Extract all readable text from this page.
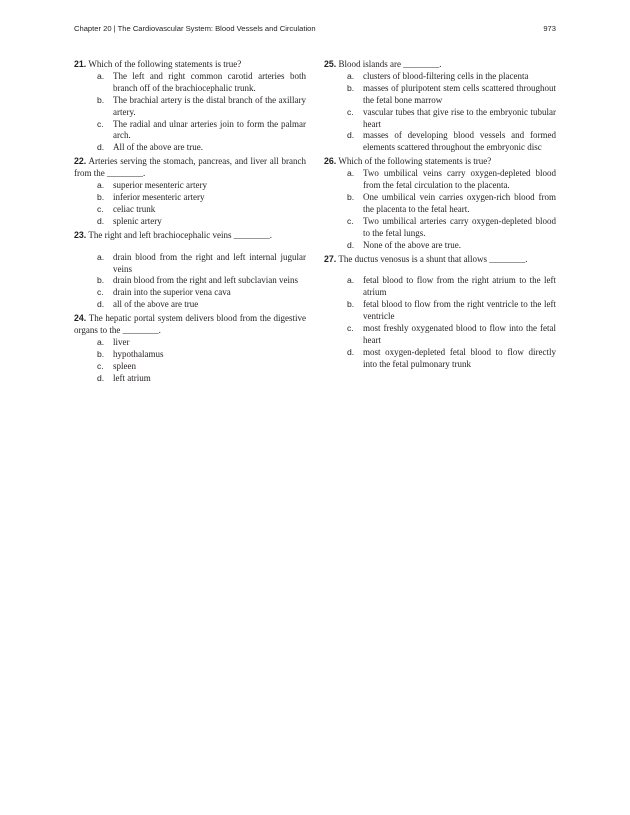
Chapter 20 | The Cardiovascular System: Blood Vessels and Circulation	973
21. Which of the following statements is true?
a. The left and right common carotid arteries both branch off of the brachiocephalic trunk.
b. The brachial artery is the distal branch of the axillary artery.
c.	The radial and ulnar arteries join to form the palmar arch.
d. All of the above are true.
22. Arteries serving the stomach, pancreas, and liver all branch from the ________.
a. superior mesenteric artery
b. inferior mesenteric artery
c.	celiac trunk
d. splenic artery
23. The right and left brachiocephalic veins ________.
a. drain blood from the right and left internal jugular veins
b. drain blood from the right and left subclavian veins
c.	drain into the superior vena cava
d. all of the above are true
24. The hepatic portal system delivers blood from the digestive organs to the ________.
a. liver
b. hypothalamus
c.	spleen
d. left atrium
25. Blood islands are ________.
a. clusters of blood-filtering cells in the placenta
b. masses of pluripotent stem cells scattered throughout the fetal bone marrow
c.	vascular tubes that give rise to the embryonic tubular heart
d. masses of developing blood vessels and formed elements scattered throughout the embryonic disc
26. Which of the following statements is true?
a. Two umbilical veins carry oxygen-depleted blood from the fetal circulation to the placenta.
b. One umbilical vein carries oxygen-rich blood from the placenta to the fetal heart.
c.	Two umbilical arteries carry oxygen-depleted blood to the fetal lungs.
d. None of the above are true.
27. The ductus venosus is a shunt that allows ________.
a. fetal blood to flow from the right atrium to the left atrium
b. fetal blood to flow from the right ventricle to the left ventricle
c.	most freshly oxygenated blood to flow into the fetal heart
d. most oxygen-depleted fetal blood to flow directly into the fetal pulmonary trunk
